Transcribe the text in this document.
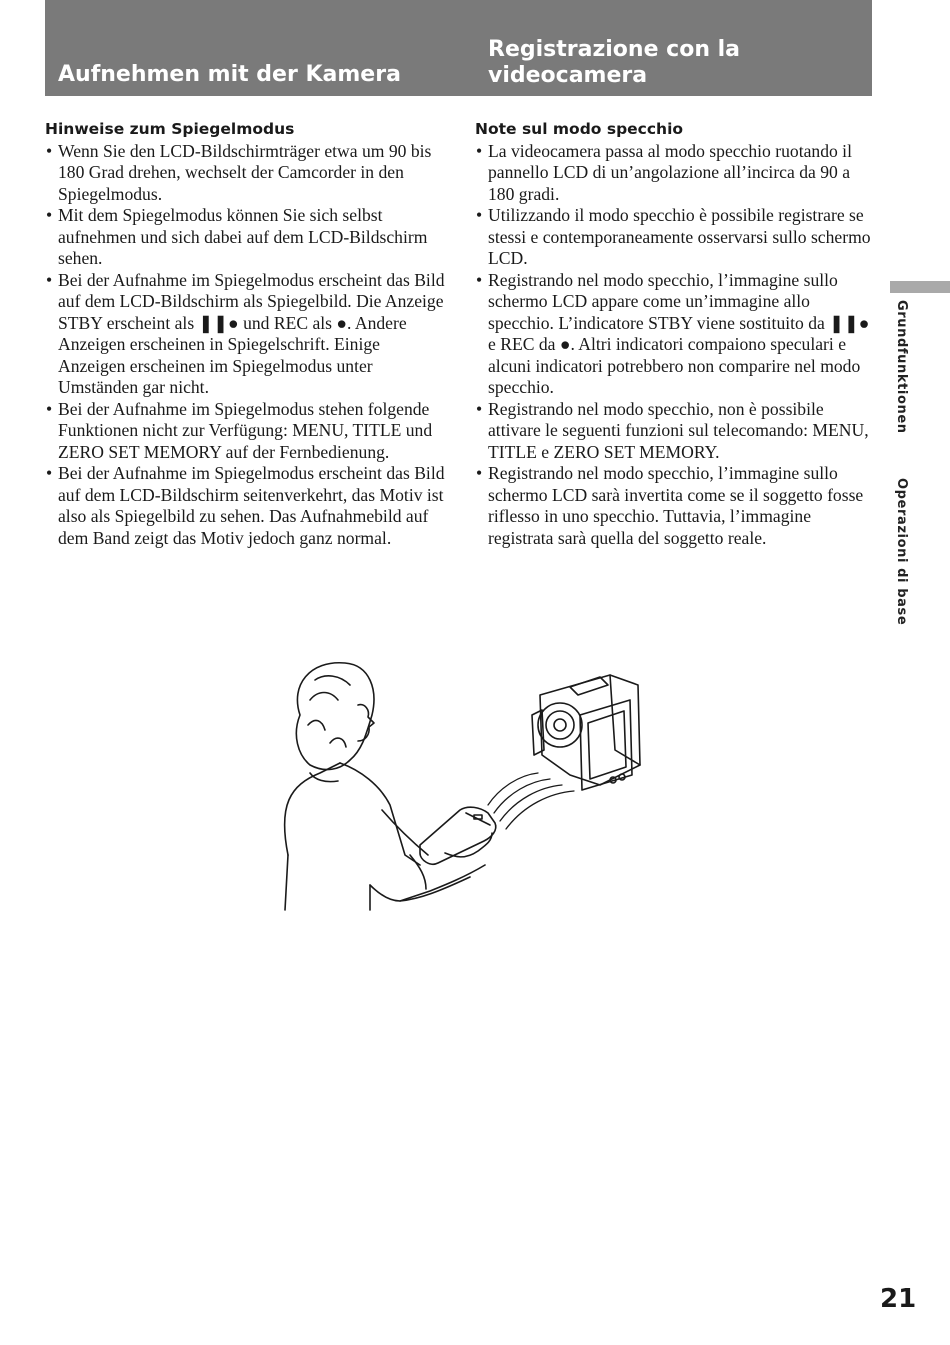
Aufnehmen mit der Kamera
Registrazione con la videocamera
Hinweise zum Spiegelmodus
• Wenn Sie den LCD-Bildschirmträger etwa um 90 bis 180 Grad drehen, wechselt der Camcorder in den Spiegelmodus.
• Mit dem Spiegelmodus können Sie sich selbst aufnehmen und sich dabei auf dem LCD-Bildschirm sehen.
• Bei der Aufnahme im Spiegelmodus erscheint das Bild auf dem LCD-Bildschirm als Spiegelbild. Die Anzeige STBY erscheint als ❚❚● und REC als ●. Andere Anzeigen erscheinen in Spiegelschrift. Einige Anzeigen erscheinen im Spiegelmodus unter Umständen gar nicht.
• Bei der Aufnahme im Spiegelmodus stehen folgende Funktionen nicht zur Verfügung: MENU, TITLE und ZERO SET MEMORY auf der Fernbedienung.
• Bei der Aufnahme im Spiegelmodus erscheint das Bild auf dem LCD-Bildschirm seitenverkehrt, das Motiv ist also als Spiegelbild zu sehen. Das Aufnahmebild auf dem Band zeigt das Motiv jedoch ganz normal.
Note sul modo specchio
• La videocamera passa al modo specchio ruotando il pannello LCD di un’angolazione all’incirca da 90 a 180 gradi.
• Utilizzando il modo specchio è possibile registrare se stessi e contemporaneamente osservarsi sullo schermo LCD.
• Registrando nel modo specchio, l’immagine sullo schermo LCD appare come un’immagine allo specchio. L’indicatore STBY viene sostituito da ❚❚● e REC da ●. Altri indicatori compaiono speculari e alcuni indicatori potrebbero non comparire nel modo specchio.
• Registrando nel modo specchio, non è possibile attivare le seguenti funzioni sul telecomando: MENU, TITLE e ZERO SET MEMORY.
• Registrando nel modo specchio, l’immagine sullo schermo LCD sarà invertita come se il soggetto fosse riflesso in uno specchio. Tuttavia, l’immagine registrata sarà quella del soggetto reale.
Grundfunktionen  Operazioni di base
21
